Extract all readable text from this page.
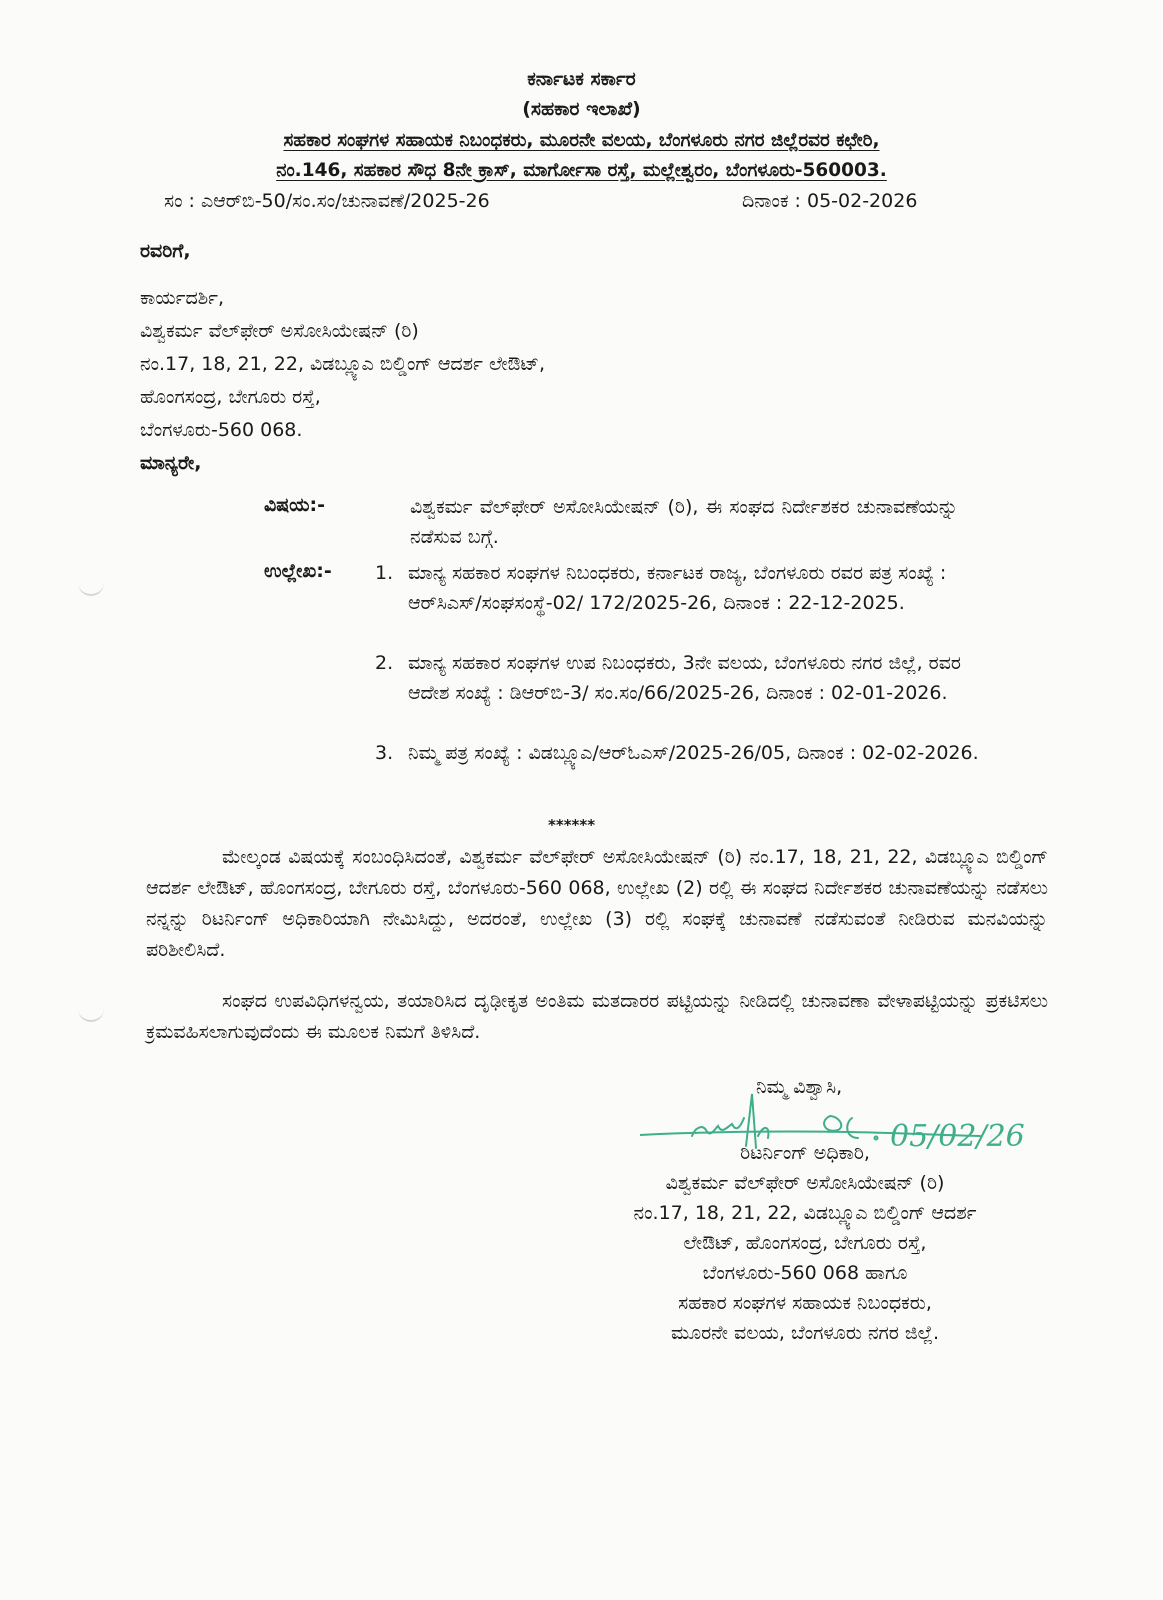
ಕರ್ನಾಟಕ ಸರ್ಕಾರ
(ಸಹಕಾರ ಇಲಾಖೆ)
ಸಹಕಾರ ಸಂಘಗಳ ಸಹಾಯಕ ನಿಬಂಧಕರು, ಮೂರನೇ ವಲಯ, ಬೆಂಗಳೂರು ನಗರ ಜಿಲ್ಲೆರವರ ಕಛೇರಿ,
ನಂ.146, ಸಹಕಾರ ಸೌಧ 8ನೇ ಕ್ರಾಸ್, ಮಾರ್ಗೋಸಾ ರಸ್ತೆ, ಮಲ್ಲೇಶ್ವರಂ, ಬೆಂಗಳೂರು-560003.
ಸಂ : ಎಆರ್‌ಬಿ-50/ಸಂ.ಸಂ/ಚುನಾವಣೆ/2025-26	ದಿನಾಂಕ : 05-02-2026
ರವರಿಗೆ,
ಕಾರ್ಯದರ್ಶಿ,
ವಿಶ್ವಕರ್ಮ ವೆಲ್‌ಫೇರ್ ಅಸೋಸಿಯೇಷನ್ (ರಿ)
ನಂ.17, 18, 21, 22, ವಿಡಬ್ಲ್ಯೂಎ ಬಿಲ್ಡಿಂಗ್ ಆದರ್ಶ ಲೇಔಟ್,
ಹೊಂಗಸಂದ್ರ, ಬೇಗೂರು ರಸ್ತೆ,
ಬೆಂಗಳೂರು-560 068.
ಮಾನ್ಯರೇ,
ವಿಷಯ:-	ವಿಶ್ವಕರ್ಮ ವೆಲ್‌ಫೇರ್ ಅಸೋಸಿಯೇಷನ್ (ರಿ), ಈ ಸಂಘದ ನಿರ್ದೇಶಕರ ಚುನಾವಣೆಯನ್ನು ನಡೆಸುವ ಬಗ್ಗೆ.
ಉಲ್ಲೇಖ:- 1. ಮಾನ್ಯ ಸಹಕಾರ ಸಂಘಗಳ ನಿಬಂಧಕರು, ಕರ್ನಾಟಕ ರಾಜ್ಯ, ಬೆಂಗಳೂರು ರವರ ಪತ್ರ ಸಂಖ್ಯೆ : ಆರ್‌ಸಿಎಸ್/ಸಂಘಸಂಸ್ಥೆ-02/ 172/2025-26, ದಿನಾಂಕ : 22-12-2025.
2. ಮಾನ್ಯ ಸಹಕಾರ ಸಂಘಗಳ ಉಪ ನಿಬಂಧಕರು, 3ನೇ ವಲಯ, ಬೆಂಗಳೂರು ನಗರ ಜಿಲ್ಲೆ, ರವರ ಆದೇಶ ಸಂಖ್ಯೆ : ಡಿಆರ್‌ಬಿ-3/ ಸಂ.ಸಂ/66/2025-26, ದಿನಾಂಕ : 02-01-2026.
3. ನಿಮ್ಮ ಪತ್ರ ಸಂಖ್ಯೆ : ವಿಡಬ್ಲ್ಯೂಎ/ಆರ್‌ಓಎಸ್/2025-26/05, ದಿನಾಂಕ : 02-02-2026.
******
ಮೇಲ್ಕಂಡ ವಿಷಯಕ್ಕೆ ಸಂಬಂಧಿಸಿದಂತೆ, ವಿಶ್ವಕರ್ಮ ವೆಲ್‌ಫೇರ್ ಅಸೋಸಿಯೇಷನ್ (ರಿ) ನಂ.17, 18, 21, 22, ವಿಡಬ್ಲ್ಯೂಎ ಬಿಲ್ಡಿಂಗ್ ಆದರ್ಶ ಲೇಔಟ್, ಹೊಂಗಸಂದ್ರ, ಬೇಗೂರು ರಸ್ತೆ, ಬೆಂಗಳೂರು-560 068, ಉಲ್ಲೇಖ (2) ರಲ್ಲಿ ಈ ಸಂಘದ ನಿರ್ದೇಶಕರ ಚುನಾವಣೆಯನ್ನು ನಡೆಸಲು ನನ್ನನ್ನು ರಿಟರ್ನಿಂಗ್ ಅಧಿಕಾರಿಯಾಗಿ ನೇಮಿಸಿದ್ದು, ಅದರಂತೆ, ಉಲ್ಲೇಖ (3) ರಲ್ಲಿ ಸಂಘಕ್ಕೆ ಚುನಾವಣೆ ನಡೆಸುವಂತೆ ನೀಡಿರುವ ಮನವಿಯನ್ನು ಪರಿಶೀಲಿಸಿದೆ.
ಸಂಘದ ಉಪವಿಧಿಗಳನ್ವಯ, ತಯಾರಿಸಿದ ದೃಢೀಕೃತ ಅಂತಿಮ ಮತದಾರರ ಪಟ್ಟಿಯನ್ನು ನೀಡಿದಲ್ಲಿ ಚುನಾವಣಾ ವೇಳಾಪಟ್ಟಿಯನ್ನು ಪ್ರಕಟಿಸಲು ಕ್ರಮವಹಿಸಲಾಗುವುದೆಂದು ಈ ಮೂಲಕ ನಿಮಗೆ ತಿಳಿಸಿದೆ.
ನಿಮ್ಮ ವಿಶ್ವಾಸಿ,
05/02/26
ರಿಟರ್ನಿಂಗ್ ಅಧಿಕಾರಿ,
ವಿಶ್ವಕರ್ಮ ವೆಲ್‌ಫೇರ್ ಅಸೋಸಿಯೇಷನ್ (ರಿ)
ನಂ.17, 18, 21, 22, ವಿಡಬ್ಲ್ಯೂಎ ಬಿಲ್ಡಿಂಗ್ ಆದರ್ಶ
ಲೇಔಟ್, ಹೊಂಗಸಂದ್ರ, ಬೇಗೂರು ರಸ್ತೆ,
ಬೆಂಗಳೂರು-560 068 ಹಾಗೂ
ಸಹಕಾರ ಸಂಘಗಳ ಸಹಾಯಕ ನಿಬಂಧಕರು,
ಮೂರನೇ ವಲಯ, ಬೆಂಗಳೂರು ನಗರ ಜಿಲ್ಲೆ.
